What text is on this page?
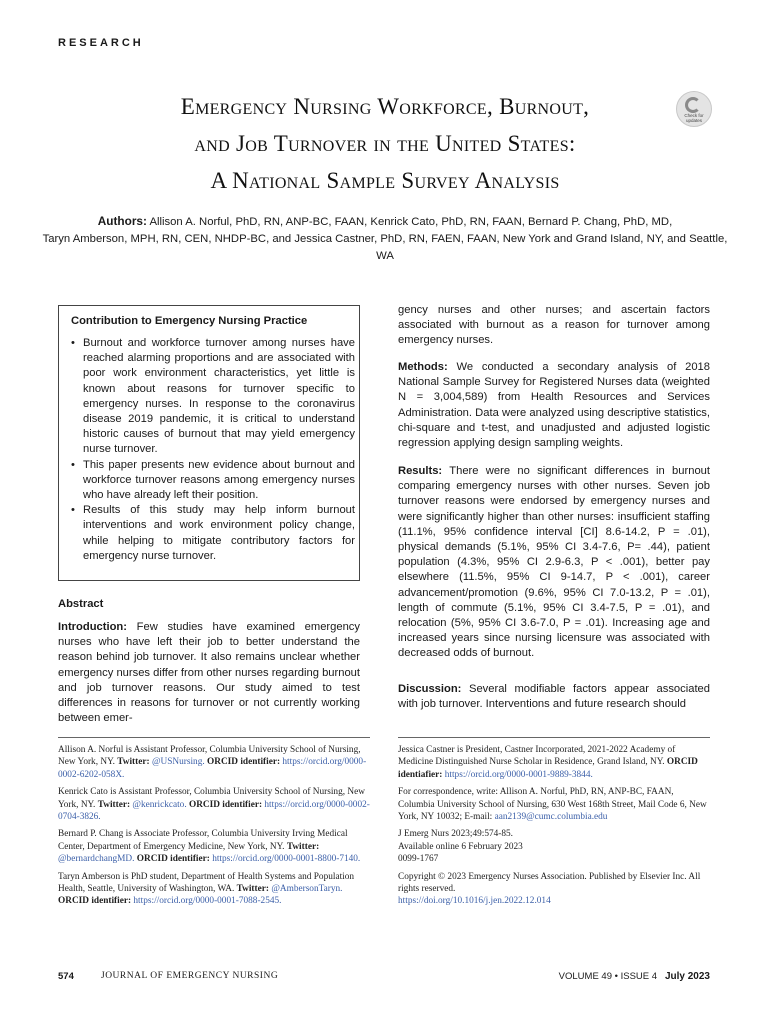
RESEARCH
Emergency Nursing Workforce, Burnout,
and Job Turnover in the United States:
A National Sample Survey Analysis
Check for
updates
Authors: Allison A. Norful, PhD, RN, ANP-BC, FAAN, Kenrick Cato, PhD, RN, FAAN, Bernard P. Chang, PhD, MD,
Taryn Amberson, MPH, RN, CEN, NHDP-BC, and Jessica Castner, PhD, RN, FAEN, FAAN, New York and Grand Island, NY, and Seattle, WA
Contribution to Emergency Nursing Practice
• Burnout and workforce turnover among nurses have reached alarming proportions and are associated with poor work environment characteristics, yet little is known about reasons for turnover specific to emergency nurses. In response to the coronavirus disease 2019 pandemic, it is critical to understand historic causes of burnout that may yield emergency nurse turnover.
• This paper presents new evidence about burnout and workforce turnover reasons among emergency nurses who have already left their position.
• Results of this study may help inform burnout interventions and work environment policy change, while helping to mitigate contributory factors for emergency nurse turnover.
Abstract
Introduction: Few studies have examined emergency nurses who have left their job to better understand the reason behind job turnover. It also remains unclear whether emergency nurses differ from other nurses regarding burnout and job turnover reasons. Our study aimed to test differences in reasons for turnover or not currently working between emer-
gency nurses and other nurses; and ascertain factors associated with burnout as a reason for turnover among emergency nurses.
Methods: We conducted a secondary analysis of 2018 National Sample Survey for Registered Nurses data (weighted N = 3,004,589) from Health Resources and Services Administration. Data were analyzed using descriptive statistics, chi-square and t-test, and unadjusted and adjusted logistic regression applying design sampling weights.
Results: There were no significant differences in burnout comparing emergency nurses with other nurses. Seven job turnover reasons were endorsed by emergency nurses and were significantly higher than other nurses: insufficient staffing (11.1%, 95% confidence interval [CI] 8.6-14.2, P = .01), physical demands (5.1%, 95% CI 3.4-7.6, P= .44), patient population (4.3%, 95% CI 2.9-6.3, P < .001), better pay elsewhere (11.5%, 95% CI 9-14.7, P < .001), career advancement/promotion (9.6%, 95% CI 7.0-13.2, P = .01), length of commute (5.1%, 95% CI 3.4-7.5, P = .01), and relocation (5%, 95% CI 3.6-7.0, P = .01). Increasing age and increased years since nursing licensure was associated with decreased odds of burnout.
Discussion: Several modifiable factors appear associated with job turnover. Interventions and future research should

Allison A. Norful is Assistant Professor, Columbia University School of Nursing, New York, NY. Twitter: @USNursing. ORCID identifier: https://orcid.org/0000-0002-6202-058X.

Kenrick Cato is Assistant Professor, Columbia University School of Nursing, New York, NY. Twitter: @kenrickcato. ORCID identifier: https://orcid.org/0000-0002-0704-3826.

Bernard P. Chang is Associate Professor, Columbia University Irving Medical Center, Department of Emergency Medicine, New York, NY. Twitter: @bernardchangMD. ORCID identifier: https://orcid.org/0000-0001-8800-7140.

Taryn Amberson is PhD student, Department of Health Systems and Population Health, Seattle, University of Washington, WA. Twitter: @AmbersonTaryn. ORCID identifier: https://orcid.org/0000-0001-7088-2545.

Jessica Castner is President, Castner Incorporated, 2021-2022 Academy of Medicine Distinguished Nurse Scholar in Residence, Grand Island, NY. ORCID identiafier: https://orcid.org/0000-0001-9889-3844.

For correspondence, write: Allison A. Norful, PhD, RN, ANP-BC, FAAN, Columbia University School of Nursing, 630 West 168th Street, Mail Code 6, New York, NY 10032; E-mail: aan2139@cumc.columbia.edu

J Emerg Nurs 2023;49:574-85.
Available online 6 February 2023

0099-1767

Copyright © 2023 Emergency Nurses Association. Published by Elsevier Inc. All rights reserved.
https://doi.org/10.1016/j.jen.2022.12.014
574	JOURNAL OF EMERGENCY NURSING	VOLUME 49 • ISSUE 4 July 2023
